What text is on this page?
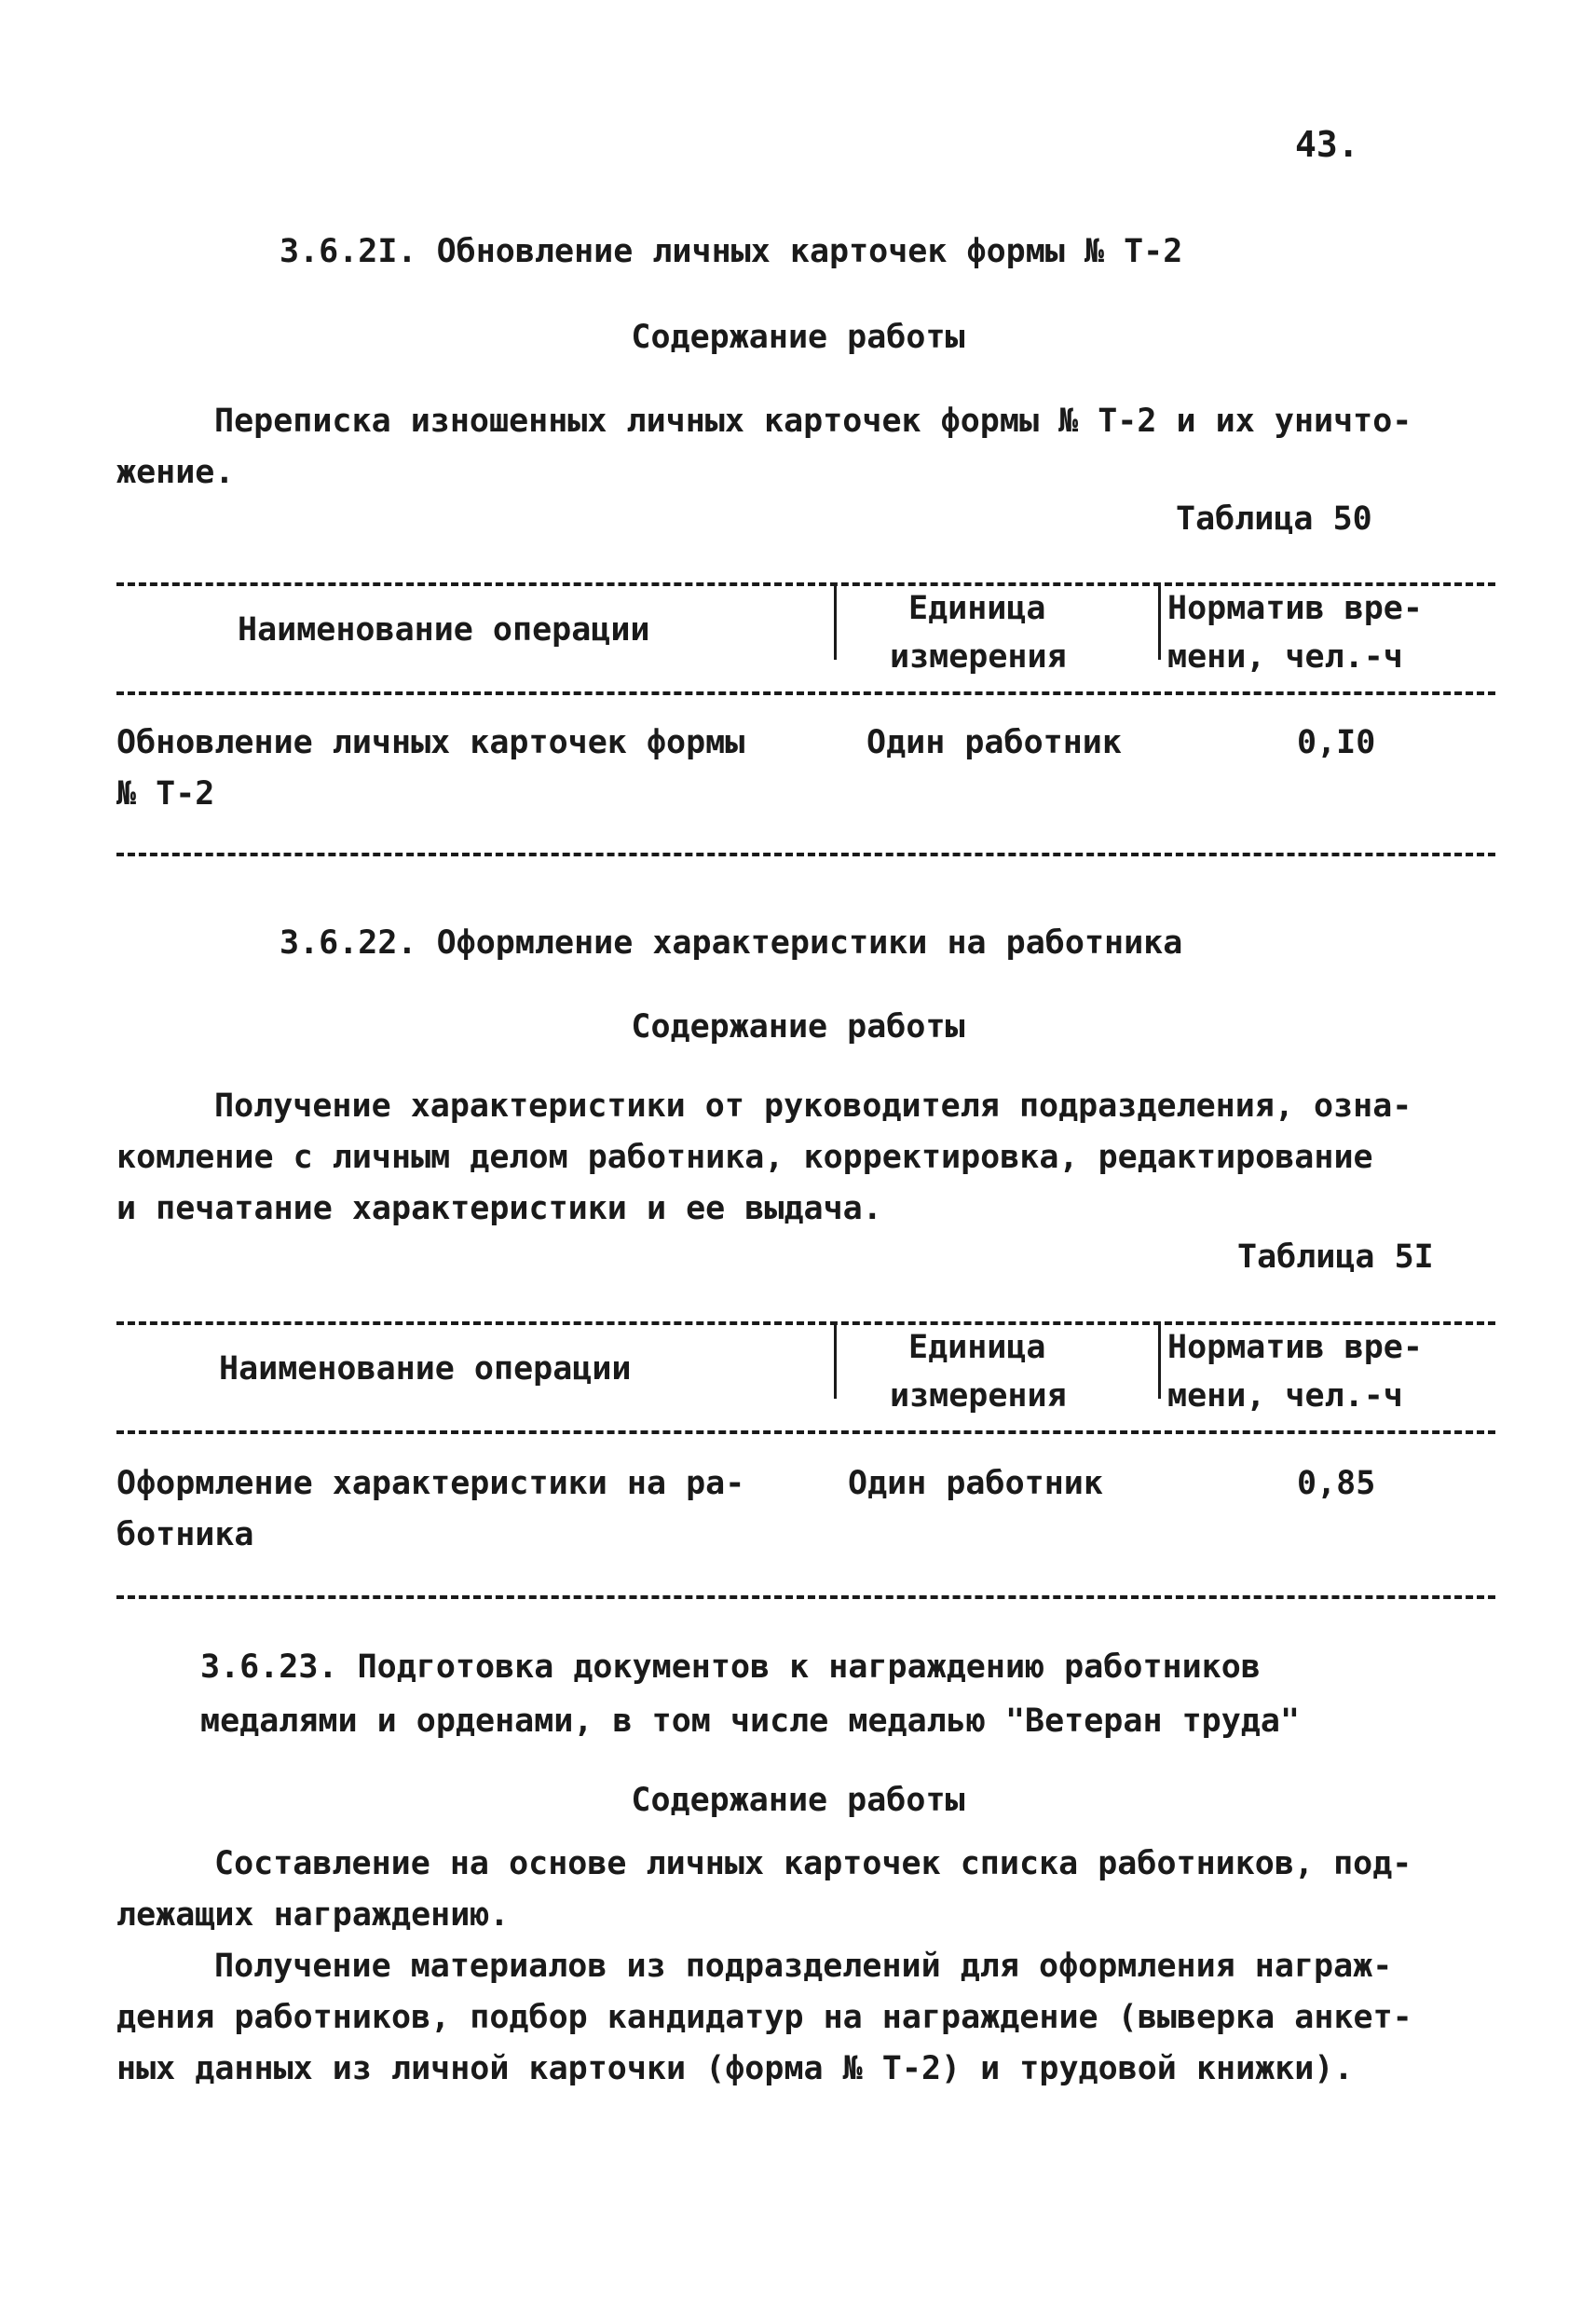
43.
3.6.2I. Обновление личных карточек формы № Т-2
Содержание работы
Переписка изношенных личных карточек формы № Т-2 и их уничто-
жение.
Таблица 50
Наименование операции
Единица
измерения
Норматив вре-
мени, чел.-ч
Обновление личных карточек формы
№ Т-2
Один работник	0,I0
3.6.22. Оформление характеристики на работника
Содержание работы
Получение характеристики от руководителя подразделения, озна-
комление с личным делом работника, корректировка, редактирование
и печатание характеристики и ее выдача.
Таблица 5I
Наименование операции
Единица
измерения
Норматив вре-
мени, чел.-ч
Оформление характеристики на ра-
ботника
Один работник	0,85
3.6.23. Подготовка документов к награждению работников
медалями и орденами, в том числе медалью "Ветеран труда"
Содержание работы
Составление на основе личных карточек списка работников, под-
лежащих награждению.
Получение материалов из подразделений для оформления награж-
дения работников, подбор кандидатур на награждение (выверка анкет-
ных данных из личной карточки (форма № Т-2) и трудовой книжки).
